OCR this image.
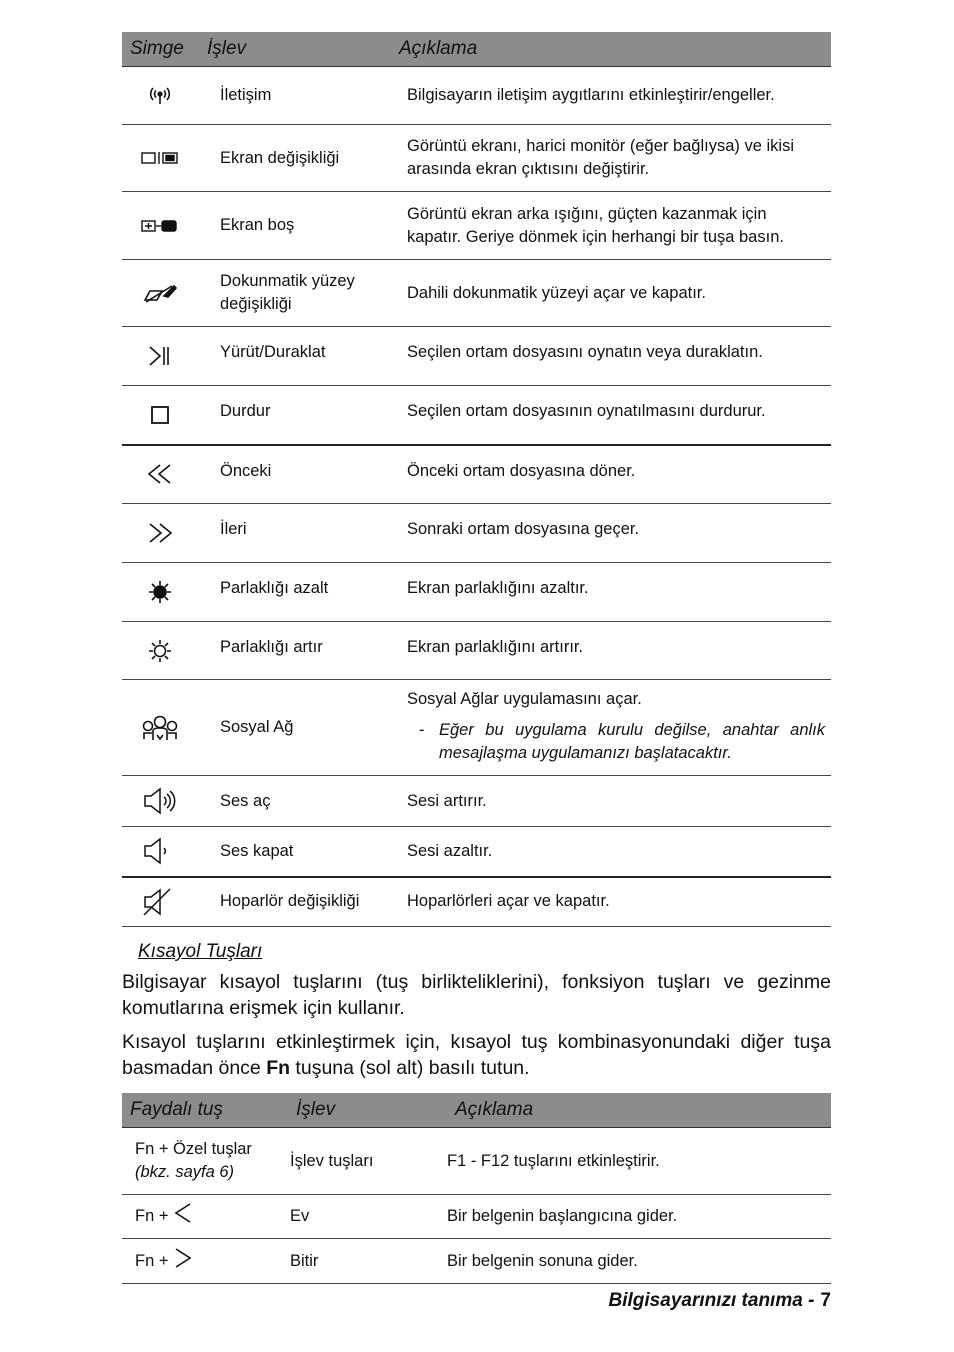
Simge	İşlev	Açıklama

	İletişim	Bilgisayarın iletişim aygıtlarını etkinleştirir/engeller.

	Ekran değişikliği	Görüntü ekranı, harici monitör (eğer bağlıysa) ve ikisi arasında ekran çıktısını değiştirir.

	Ekran boş	Görüntü ekran arka ışığını, güçten kazanmak için kapatır. Geriye dönmek için herhangi bir tuşa basın.

	Dokunmatik yüzey değişikliği	Dahili dokunmatik yüzeyi açar ve kapatır.

	Yürüt/Duraklat	Seçilen ortam dosyasını oynatın veya duraklatın.

	Durdur	Seçilen ortam dosyasının oynatılmasını durdurur.

	Önceki	Önceki ortam dosyasına döner.

	İleri	Sonraki ortam dosyasına geçer.

	Parlaklığı azalt	Ekran parlaklığını azaltır.

	Parlaklığı artır	Ekran parlaklığını artırır.

	Sosyal Ağ	Sosyal Ağlar uygulamasını açar.
- Eğer bu uygulama kurulu değilse, anahtar anlık mesajlaşma uygulamanızı başlatacaktır.

	Ses aç	Sesi artırır.

	Ses kapat	Sesi azaltır.

	Hoparlör değişikliği	Hoparlörleri açar ve kapatır.
Kısayol Tuşları

Bilgisayar kısayol tuşlarını (tuş birlikteliklerini), fonksiyon tuşları ve gezinme komutlarına erişmek için kullanır.

Kısayol tuşlarını etkinleştirmek için, kısayol tuş kombinasyonundaki diğer tuşa basmadan önce Fn tuşuna (sol alt) basılı tutun.

Faydalı tuş	İşlev	Açıklama

Fn + Özel tuşlar
(bkz. sayfa 6)	İşlev tuşları	F1 - F12 tuşlarını etkinleştirir.
Fn +	Ev	Bir belgenin başlangıcına gider.
Fn +	Bitir	Bir belgenin sonuna gider.
Bilgisayarınızı tanıma - 7
